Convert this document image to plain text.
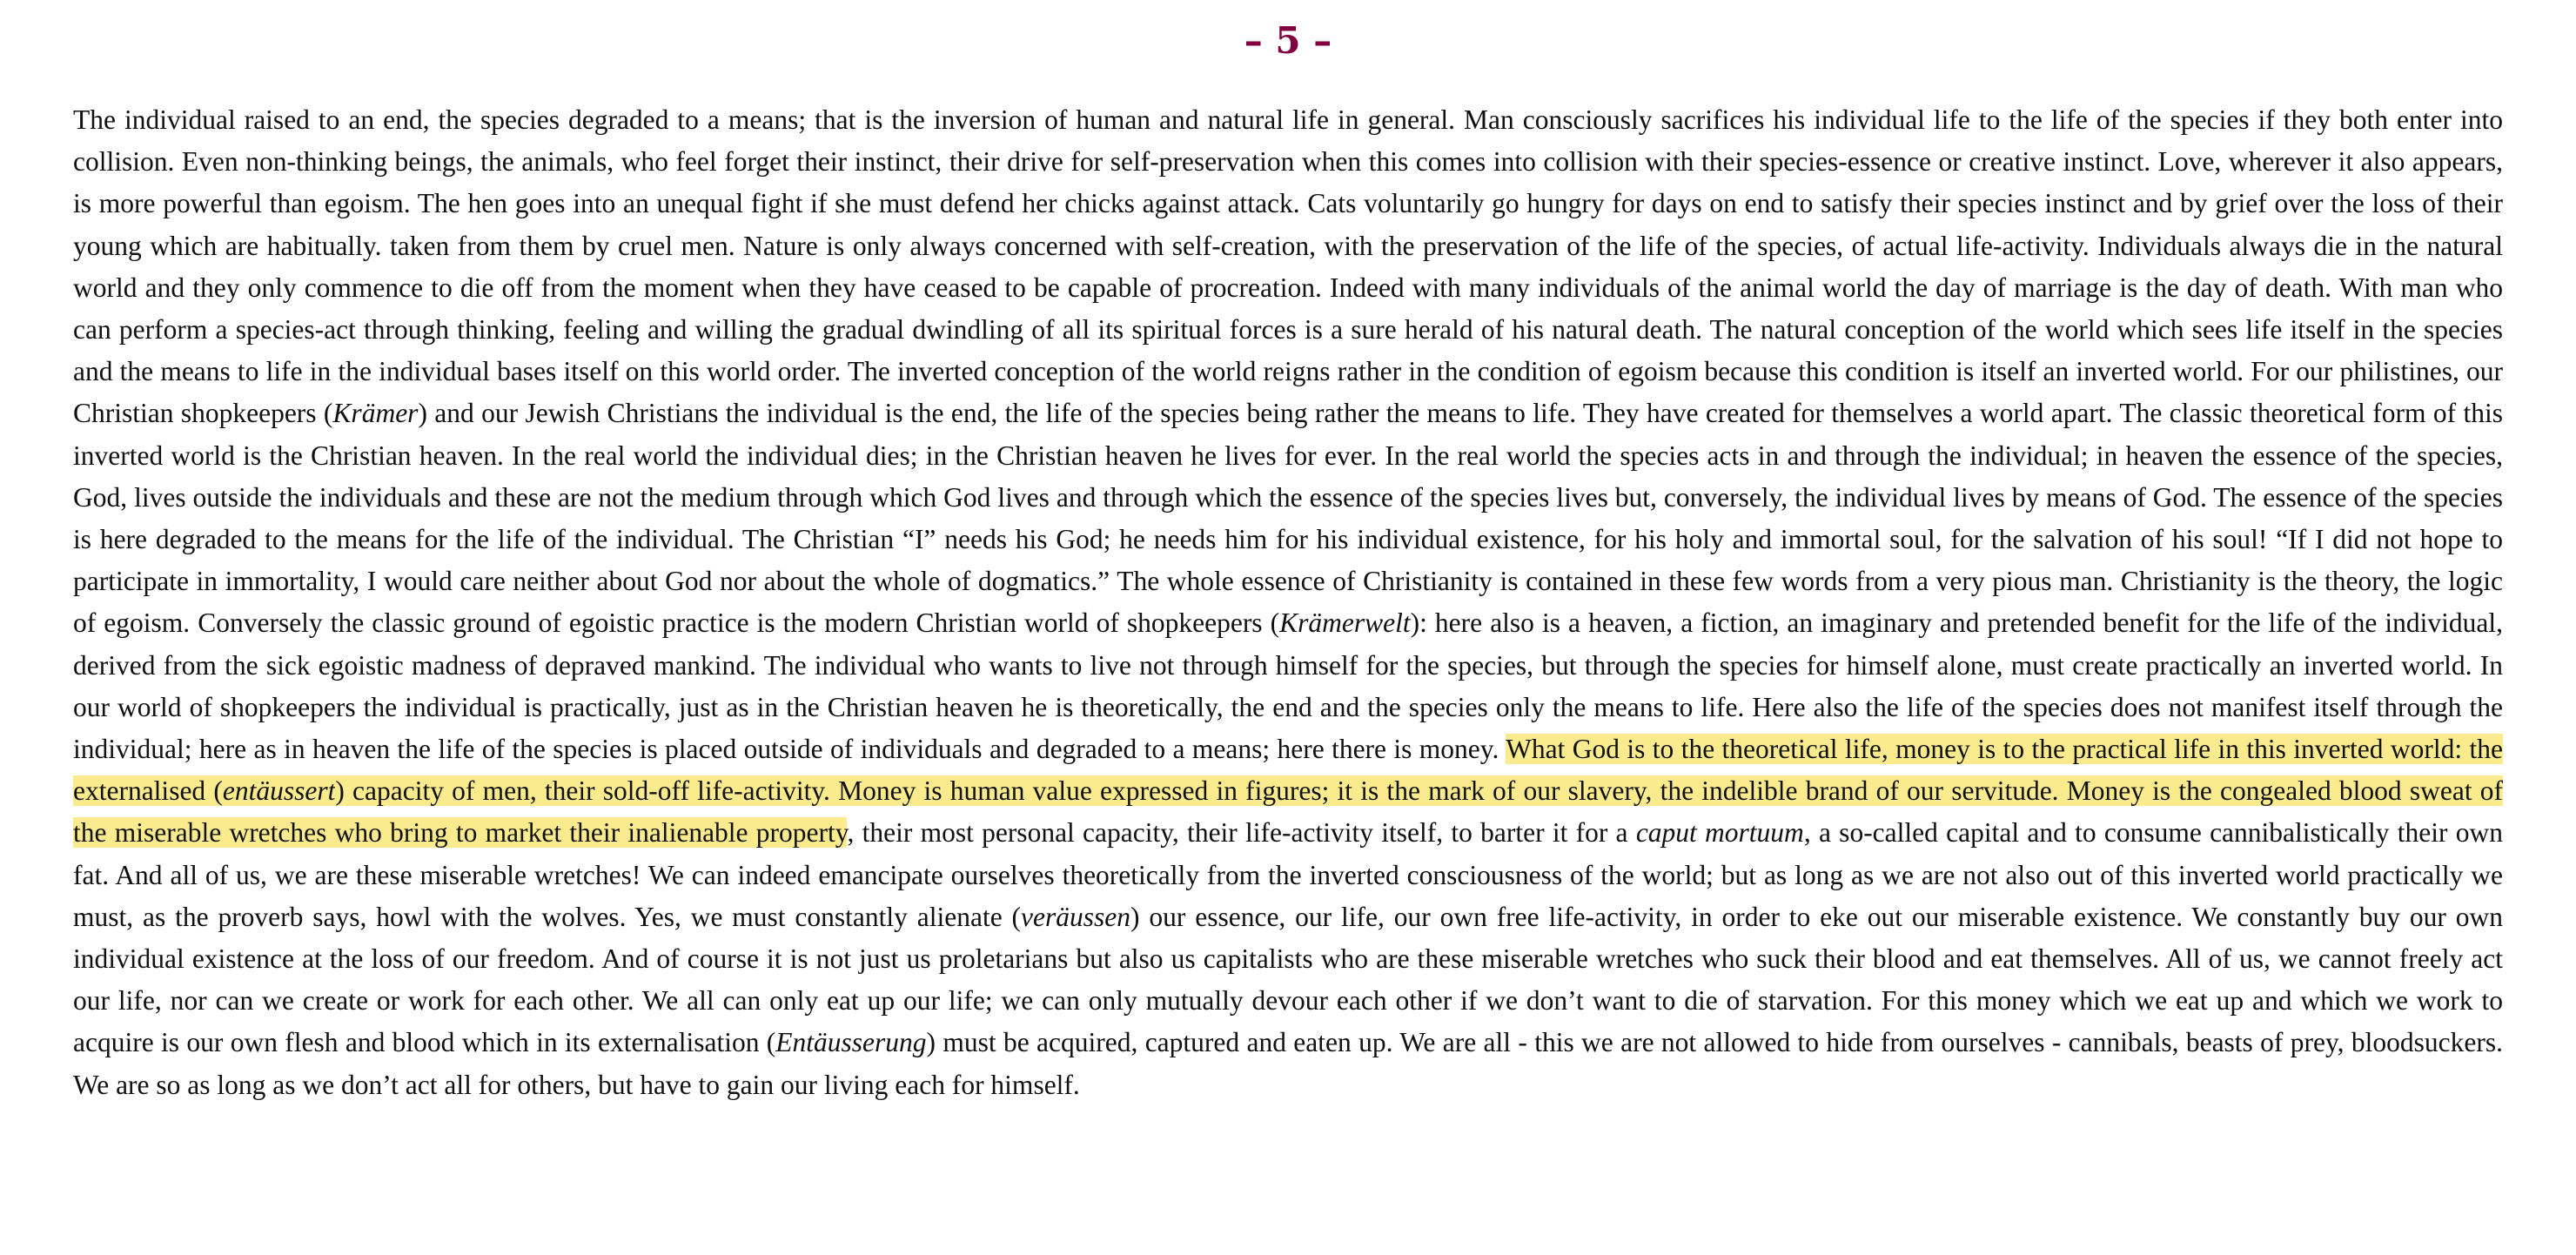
– 5 –

The individual raised to an end, the species degraded to a means; that is the inversion of human and natural life in general. Man consciously sacrifices his individual life to the life of the species if they both enter into collision. Even non-thinking beings, the animals, who feel forget their instinct, their drive for self-preservation when this comes into collision with their species-essence or creative instinct. Love, wherever it also appears, is more powerful than egoism. The hen goes into an unequal fight if she must defend her chicks against attack. Cats voluntarily go hungry for days on end to satisfy their species instinct and by grief over the loss of their young which are habitually. taken from them by cruel men. Nature is only always concerned with self-creation, with the preservation of the life of the species, of actual life-activity. Individuals always die in the natural world and they only commence to die off from the moment when they have ceased to be capable of procreation. Indeed with many individuals of the animal world the day of marriage is the day of death. With man who can perform a species-act through thinking, feeling and willing the gradual dwindling of all its spiritual forces is a sure herald of his natural death. The natural conception of the world which sees life itself in the species and the means to life in the individual bases itself on this world order. The inverted conception of the world reigns rather in the condition of egoism because this condition is itself an inverted world. For our philistines, our Christian shopkeepers (Krämer) and our Jewish Christians the individual is the end, the life of the species being rather the means to life. They have created for themselves a world apart. The classic theoretical form of this inverted world is the Christian heaven. In the real world the individual dies; in the Christian heaven he lives for ever. In the real world the species acts in and through the individual; in heaven the essence of the species, God, lives outside the individuals and these are not the medium through which God lives and through which the essence of the species lives but, conversely, the individual lives by means of God. The essence of the species is here degraded to the means for the life of the individual. The Christian “I” needs his God; he needs him for his individual existence, for his holy and immortal soul, for the salvation of his soul! “If I did not hope to participate in immortality, I would care neither about God nor about the whole of dogmatics.” The whole essence of Christianity is contained in these few words from a very pious man. Christianity is the theory, the logic of egoism. Conversely the classic ground of egoistic practice is the modern Christian world of shopkeepers (Krämerwelt): here also is a heaven, a fiction, an imaginary and pretended benefit for the life of the individual, derived from the sick egoistic madness of depraved mankind. The individual who wants to live not through himself for the species, but through the species for himself alone, must create practically an inverted world. In our world of shopkeepers the individual is practically, just as in the Christian heaven he is theoretically, the end and the species only the means to life. Here also the life of the species does not manifest itself through the individual; here as in heaven the life of the species is placed outside of individuals and degraded to a means; here there is money. What God is to the theoretical life, money is to the practical life in this inverted world: the externalised (entäussert) capacity of men, their sold-off life-activity. Money is human value expressed in figures; it is the mark of our slavery, the indelible brand of our servitude. Money is the congealed blood sweat of the miserable wretches who bring to market their inalienable property, their most personal capacity, their life-activity itself, to barter it for a caput mortuum, a so-called capital and to consume cannibalistically their own fat. And all of us, we are these miserable wretches! We can indeed emancipate ourselves theoretically from the inverted consciousness of the world; but as long as we are not also out of this inverted world practically we must, as the proverb says, howl with the wolves. Yes, we must constantly alienate (veräussen) our essence, our life, our own free life-activity, in order to eke out our miserable existence. We constantly buy our own individual existence at the loss of our freedom. And of course it is not just us proletarians but also us capitalists who are these miserable wretches who suck their blood and eat themselves. All of us, we cannot freely act our life, nor can we create or work for each other. We all can only eat up our life; we can only mutually devour each other if we don’t want to die of starvation. For this money which we eat up and which we work to acquire is our own flesh and blood which in its externalisation (Entäusserung) must be acquired, captured and eaten up. We are all - this we are not allowed to hide from ourselves - cannibals, beasts of prey, bloodsuckers. We are so as long as we don’t act all for others, but have to gain our living each for himself.
